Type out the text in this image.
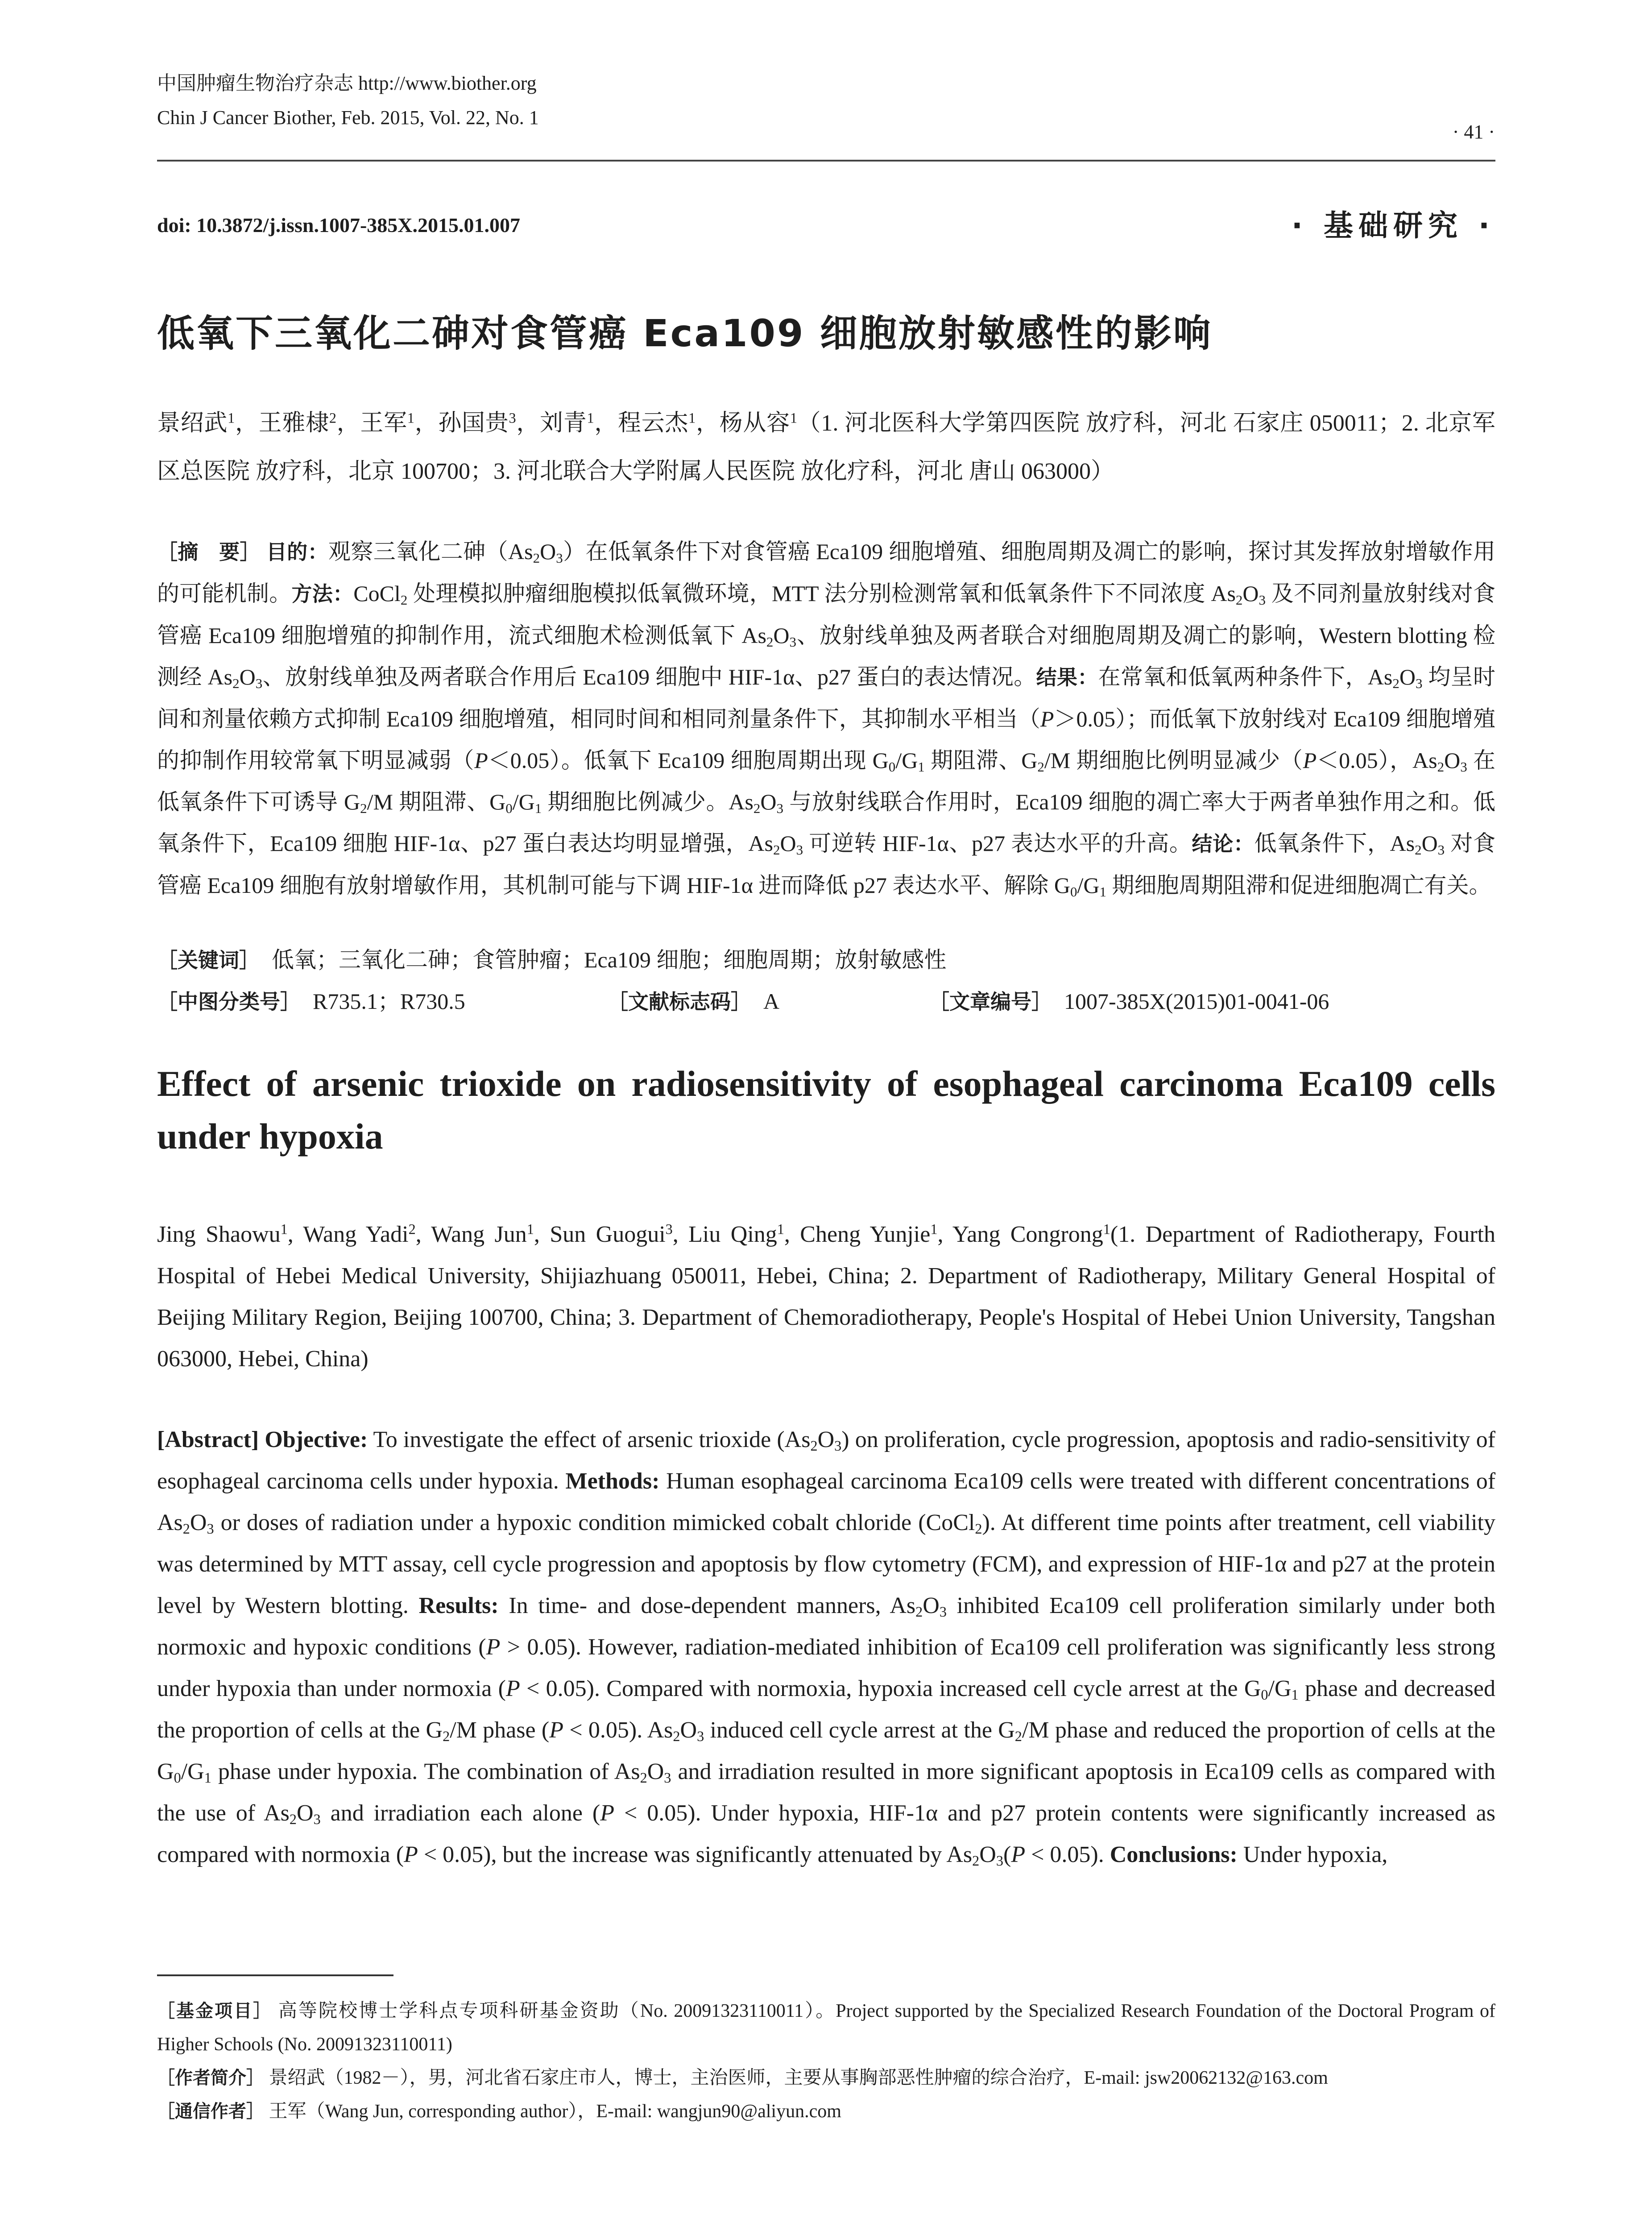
中国肿瘤生物治疗杂志 http://www.biother.org
Chin J Cancer Biother, Feb. 2015, Vol. 22, No. 1
· 41 ·
doi: 10.3872/j.issn.1007-385X.2015.01.007	· 基础研究 ·
低氧下三氧化二砷对食管癌 Eca109 细胞放射敏感性的影响
景绍武$^1$，王雅棣$^2$，王军$^1$，孙国贵$^3$，刘青$^1$，程云杰$^1$，杨从容$^1$（1. 河北医科大学第四医院 放疗科，河北 石家庄 050011；2. 北京军区总医院 放疗科，北京 100700；3. 河北联合大学附属人民医院 放化疗科，河北 唐山 063000）
［摘　要］ 目的：观察三氧化二砷$(As_2O_3)$在低氧条件下对食管癌 Eca109 细胞增殖、细胞周期及凋亡的影响，探讨其发挥放射增敏作用的可能机制。方法：CoCl$_2$ 处理模拟肿瘤细胞模拟低氧微环境，MTT 法分别检测常氧和低氧条件下不同浓度 $As_2O_3$ 及不同剂量放射线对食管癌 Eca109 细胞增殖的抑制作用，流式细胞术检测低氧下 $As_2O_3$、放射线单独及两者联合对细胞周期及凋亡的影响，Western blotting 检测经 $As_2O_3$、放射线单独及两者联合作用后 Eca109 细胞中 HIF-1α、p27 蛋白的表达情况。结果：在常氧和低氧两种条件下，$As_2O_3$ 均呈时间和剂量依赖方式抑制 Eca109 细胞增殖，相同时间和相同剂量条件下，其抑制水平相当（P＞0.05）；而低氧下放射线对 Eca109 细胞增殖的抑制作用较常氧下明显减弱（P＜0.05）。低氧下 Eca109 细胞周期出现 $G_0/G_1$ 期阻滞、$G_2/M$ 期细胞比例明显减少（P＜0.05），$As_2O_3$ 在低氧条件下可诱导 $G_2/M$ 期阻滞、$G_0/G_1$ 期细胞比例减少。$As_2O_3$ 与放射线联合作用时，Eca109 细胞的凋亡率大于两者单独作用之和。低氧条件下，Eca109 细胞 HIF-1α、p27 蛋白表达均明显增强，$As_2O_3$ 可逆转 HIF-1α、p27 表达水平的升高。结论：低氧条件下，$As_2O_3$ 对食管癌 Eca109 细胞有放射增敏作用，其机制可能与下调 HIF-1α 进而降低 p27 表达水平、解除 $G_0/G_1$ 期细胞周期阻滞和促进细胞凋亡有关。
［关键词］　 低氧；三氧化二砷；食管肿瘤；Eca109 细胞；细胞周期；放射敏感性
［中图分类号］　 R735.1；R730.5	［文献标志码］　 A	［文章编号］　 1007-385X(2015)01-0041-06
Effect of arsenic trioxide on radiosensitivity of esophageal carcinoma Eca109 cells under hypoxia
Jing Shaowu$^1$, Wang Yadi$^2$, Wang Jun$^1$, Sun Guogui$^3$, Liu Qing$^1$, Cheng Yunjie$^1$, Yang Congrong$^1$(1. Department of Radiotherapy, Fourth Hospital of Hebei Medical University, Shijiazhuang 050011, Hebei, China; 2. Department of Radiotherapy, Military General Hospital of Beijing Military Region, Beijing 100700, China; 3. Department of Chemoradiotherapy, People's Hospital of Hebei Union University, Tangshan 063000, Hebei, China)
[Abstract] Objective: To investigate the effect of arsenic trioxide $(As_2O_3)$ on proliferation, cycle progression, apoptosis and radio-sensitivity of esophageal carcinoma cells under hypoxia. Methods: Human esophageal carcinoma Eca109 cells were treated with different concentrations of $As_2O_3$ or doses of radiation under a hypoxic condition mimicked cobalt chloride (CoCl$_2$). At different time points after treatment, cell viability was determined by MTT assay, cell cycle progression and apoptosis by flow cytometry (FCM), and expression of HIF-1α and p27 at the protein level by Western blotting. Results: In time- and dose-dependent manners, $As_2O_3$ inhibited Eca109 cell proliferation similarly under both normoxic and hypoxic conditions (P > 0.05). However, radiation-mediated inhibition of Eca109 cell proliferation was significantly less strong under hypoxia than under normoxia (P < 0.05). Compared with normoxia, hypoxia increased cell cycle arrest at the $G_0/G_1$ phase and decreased the proportion of cells at the $G_2/M$ phase (P < 0.05). $As_2O_3$ induced cell cycle arrest at the $G_2/M$ phase and reduced the proportion of cells at the $G_0/G_1$ phase under hypoxia. The combination of $As_2O_3$ and irradiation resulted in more significant apoptosis in Eca109 cells as compared with the use of $As_2O_3$ and irradiation each alone (P < 0.05). Under hypoxia, HIF-1α and p27 protein contents were significantly increased as compared with normoxia (P < 0.05), but the increase was significantly attenuated by $As_2O_3(P < 0.05)$. Conclusions: Under hypoxia,
［基金项目］ 高等院校博士学科点专项科研基金资助（No. 20091323110011）。Project supported by the Specialized Research Foundation of the Doctoral Program of Higher Schools (No. 20091323110011)
［作者简介］ 景绍武（1982－），男，河北省石家庄市人，博士，主治医师，主要从事胸部恶性肿瘤的综合治疗，E-mail: jsw20062132@163.com
［通信作者］ 王军（Wang Jun, corresponding author），E-mail: wangjun90@aliyun.com
